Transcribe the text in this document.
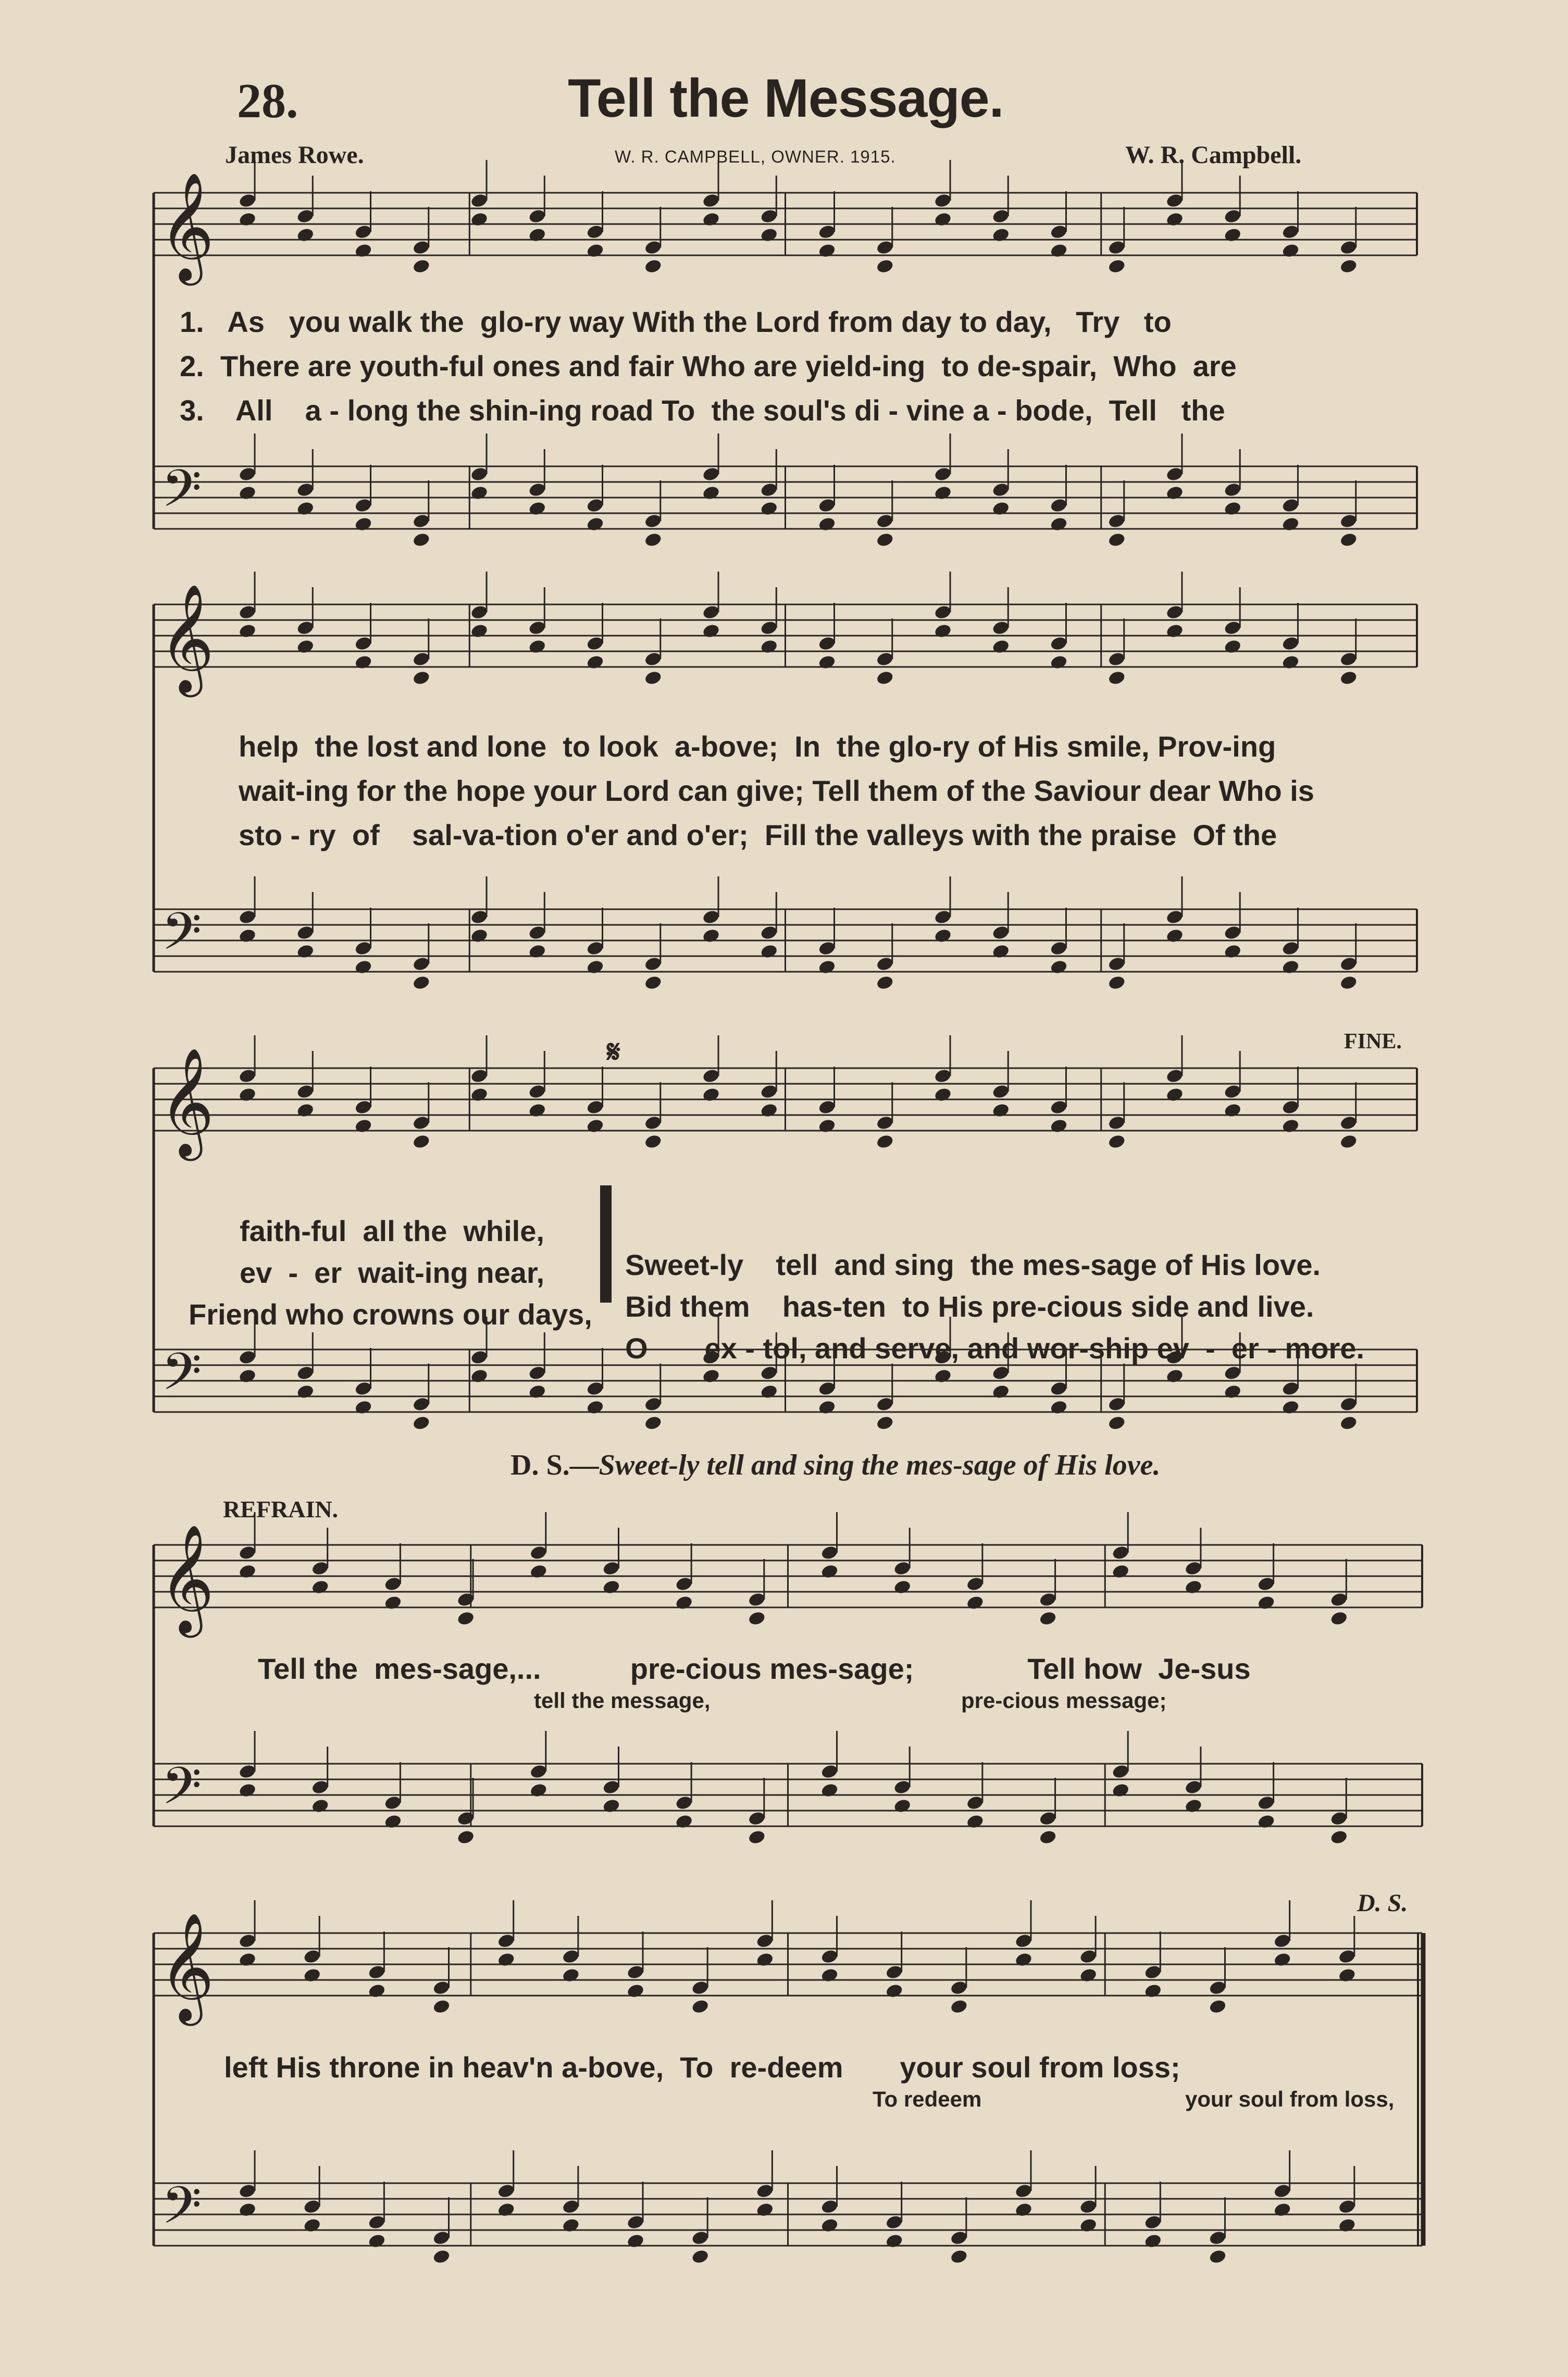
28.	Tell the Message.
James Rowe.	W. R. CAMPBELL, OWNER. 1915.	W. R. Campbell.
𝄞
𝄢
𝄞
𝄢
𝄞
𝄢
𝄞
𝄢
𝄞
𝄢
1.   As   you walk the  glo-ry way With the Lord from day to day,   Try   to
2.  There are youth-ful ones and fair Who are yield-ing  to de-spair,  Who  are
3.    All    a - long the shin-ing road To  the soul's di - vine a - bode,  Tell   the
help  the lost and lone  to look  a-bove;  In  the glo-ry of His smile, Prov-ing
wait-ing for the hope your Lord can give; Tell them of the Saviour dear Who is
sto - ry  of    sal-va-tion o'er and o'er;  Fill the valleys with the praise  Of the
𝄋	FINE.

faith-ful  all the  while,

Sweet-ly    tell  and sing  the mes-sage of His love.

ev  -  er  wait-ing near,

Bid them    has-ten  to His pre-cious side and live.

Friend who crowns our days,

O       ex - tol, and serve, and wor-ship ev  -  er - more.

D. S.—Sweet-ly tell and sing the mes-sage of His love.
REFRAIN.
Tell the  mes-sage,...           pre-cious mes-sage;              Tell how  Je-sus
tell the message,	pre-cious message;
D. S.
left His throne in heav'n a-bove,  To  re-deem       your soul from loss;
To redeem	your soul from loss,
